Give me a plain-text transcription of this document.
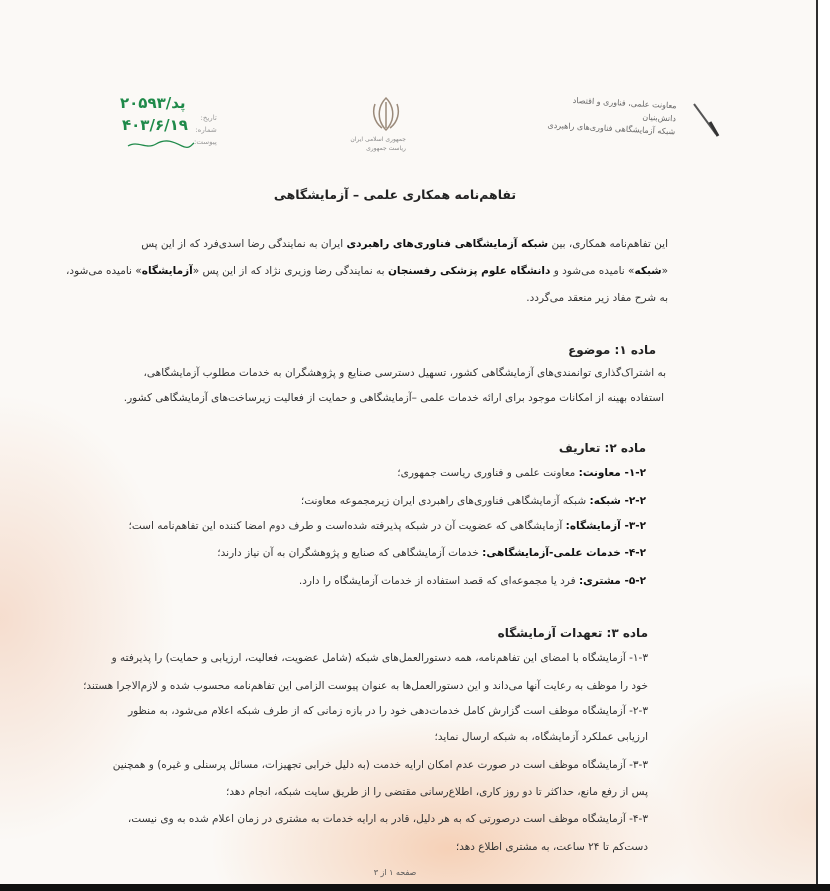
۲۰۵۹۳/پد
۴۰۳/۶/۱۹	تاریخ:
شماره:
پیوست:	جمهوری اسلامی ایران
ریاست جمهوری
معاونت علمی، فناوری و اقتصاد دانش‌بنیان
شبکه آزمایشگاهی فناوری‌های راهبردی
تفاهم‌نامه همکاری علمی – آزمایشگاهی
این تفاهم‌نامه همکاری، بین شبکه آزمایشگاهی فناوری‌های راهبردی ایران به نمایندگی رضا اسدی‌فرد که از این پس
«شبکه» نامیده می‌شود و دانشگاه علوم پزشکی رفسنجان به نمایندگی رضا وزیری نژاد که از این پس «آزمایشگاه» نامیده می‌شود،
به شرح مفاد زیر منعقد می‌گردد.
ماده ۱: موضوع
به اشتراک‌گذاری توانمندی‌های آزمایشگاهی کشور، تسهیل دسترسی صنایع و پژوهشگران به خدمات مطلوب آزمایشگاهی،
استفاده بهینه از امکانات موجود برای ارائه خدمات علمی –آزمایشگاهی و حمایت از فعالیت زیرساخت‌های آزمایشگاهی کشور.
ماده ۲: تعاریف
۱-۲- معاونت: معاونت علمی و فناوری ریاست جمهوری؛
۲-۲- شبکه: شبکه آزمایشگاهی فناوری‌های راهبردی ایران زیرمجموعه معاونت؛
۳-۲- آزمایشگاه: آزمایشگاهی که عضویت آن در شبکه پذیرفته شده‌است و طرف دوم امضا کننده این تفاهم‌نامه است؛
۴-۲- خدمات علمی-آزمایشگاهی: خدمات آزمایشگاهی که صنایع و پژوهشگران به آن نیاز دارند؛
۵-۲- مشتری: فرد یا مجموعه‌ای که قصد استفاده از خدمات آزمایشگاه را دارد.
ماده ۳: تعهدات آزمایشگاه
۱-۳- آزمایشگاه با امضای این تفاهم‌نامه، همه دستورالعمل‌های شبکه (شامل عضویت، فعالیت، ارزیابی و حمایت) را پذیرفته و
خود را موظف به رعایت آنها می‌داند و این دستورالعمل‌ها به عنوان پیوست الزامی این تفاهم‌نامه محسوب شده و لازم‌الاجرا هستند؛
۲-۳- آزمایشگاه موظف است گزارش کامل خدمات‌دهی خود را در بازه زمانی که از طرف شبکه اعلام می‌شود، به منظور
ارزیابی عملکرد آزمایشگاه، به شبکه ارسال نماید؛
۳-۳- آزمایشگاه موظف است در صورت عدم امکان ارایه خدمت (به دلیل خرابی تجهیزات، مسائل پرسنلی و غیره) و همچنین
پس از رفع مانع، حداکثر تا دو روز کاری، اطلاع‌رسانی مقتضی را از طریق سایت شبکه، انجام دهد؛
۴-۳- آزمایشگاه موظف است درصورتی که به هر دلیل، قادر به ارایه خدمات به مشتری در زمان اعلام شده به وی نیست،
دست‌کم تا ۲۴ ساعت، به مشتری اطلاع دهد؛
صفحه ۱ از ۳
